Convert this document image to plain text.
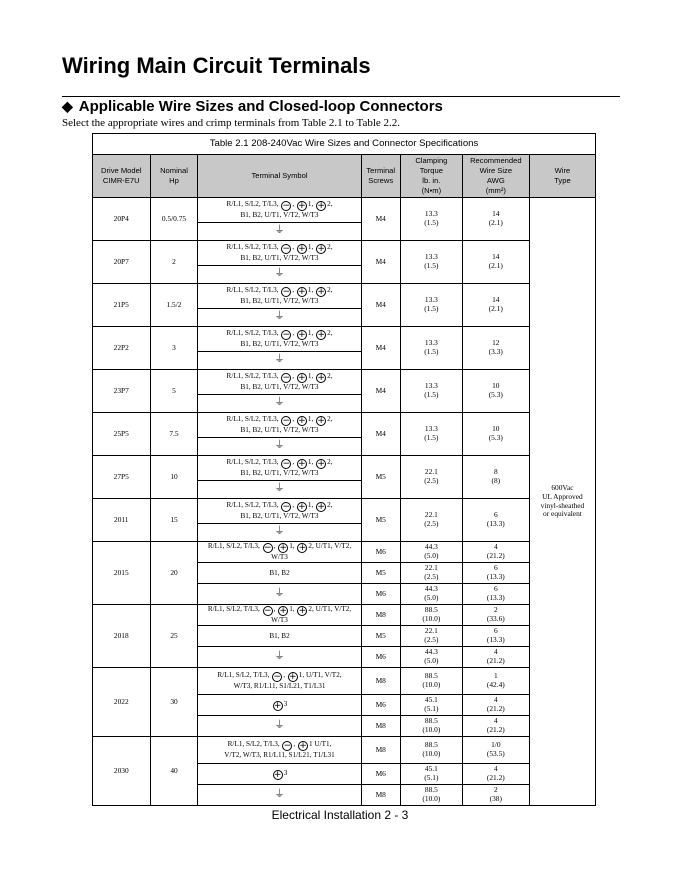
Wiring Main Circuit Terminals
◆ Applicable Wire Sizes and Closed-loop Connectors
Select the appropriate wires and crimp terminals from Table 2.1 to Table 2.2.
Table 2.1 208-240Vac Wire Sizes and Connector Specifications
Drive Model
CIMR-E7U	Nominal
Hp	Terminal Symbol	Terminal
Screws	Clamping
Torque
lb. in.
(N•m)	Recommended
Wire Size
AWG
(mm²)	Wire
Type
20P4	0.5/0.75	R/L1, S/L2, T/L3, − , + 1, + 2,
B1, B2, U/T1, V/T2, W/T3	M4	13.3
(1.5)	14
(2.1)	600Vac
UL Approved
vinyl-sheathed
or equivalent
		⏚				
20P7	2	R/L1, S/L2, T/L3, − , + 1, + 2,
B1, B2, U/T1, V/T2, W/T3	M4	13.3
(1.5)	14
(2.1)	
		⏚				
21P5	1.5/2	R/L1, S/L2, T/L3, − , + 1, + 2,
B1, B2, U/T1, V/T2, W/T3	M4	13.3
(1.5)	14
(2.1)	
		⏚				
22P2	3	R/L1, S/L2, T/L3, − , + 1, + 2,
B1, B2, U/T1, V/T2, W/T3	M4	13.3
(1.5)	12
(3.3)	
		⏚				
23P7	5	R/L1, S/L2, T/L3, − , + 1, + 2,
B1, B2, U/T1, V/T2, W/T3	M4	13.3
(1.5)	10
(5.3)	
		⏚				
25P5	7.5	R/L1, S/L2, T/L3, − , + 1, + 2,
B1, B2, U/T1, V/T2, W/T3	M4	13.3
(1.5)	10
(5.3)	
		⏚				
27P5	10	R/L1, S/L2, T/L3, − , + 1, + 2,
B1, B2, U/T1, V/T2, W/T3	M5	22.1
(2.5)	8
(8)	
		⏚				
2011	15	R/L1, S/L2, T/L3, − , + 1, + 2,
B1, B2, U/T1, V/T2, W/T3	M5	22.1
(2.5)	6
(13.3)	
		⏚				
2015	20	R/L1, S/L2, T/L3, − , + 1, + 2, U/T1, V/T2, W/T3	M6	44.3
(5.0)	4
(21.2)	
		B1, B2	M5	22.1
(2.5)	6
(13.3)	
		⏚	M6	44.3
(5.0)	6
(13.3)	
2018	25	R/L1, S/L2, T/L3, − , + 1, + 2, U/T1, V/T2, W/T3	M8	88.5
(10.0)	2
(33.6)	
		B1, B2	M5	22.1
(2.5)	6
(13.3)	
		⏚	M6	44.3
(5.0)	4
(21.2)	
2022	30	R/L1, S/L2, T/L3, − , + 1, U/T1, V/T2,
W/T3, R1/L11, S1/L21, T1/L31	M8	88.5
(10.0)	1
(42.4)	
		+ 3	M6	45.1
(5.1)	4
(21.2)	
		⏚	M8	88.5
(10.0)	4
(21.2)	
2030	40	R/L1, S/L2, T/L3, − , + 1 U/T1,
V/T2, W/T3, R1/L11, S1/L21, T1/L31	M8	88.5
(10.0)	1/0
(53.5)	
		+ 3	M6	45.1
(5.1)	4
(21.2)	
		⏚	M8	88.5
(10.0)	2
(38)	
Electrical Installation 2 - 3
